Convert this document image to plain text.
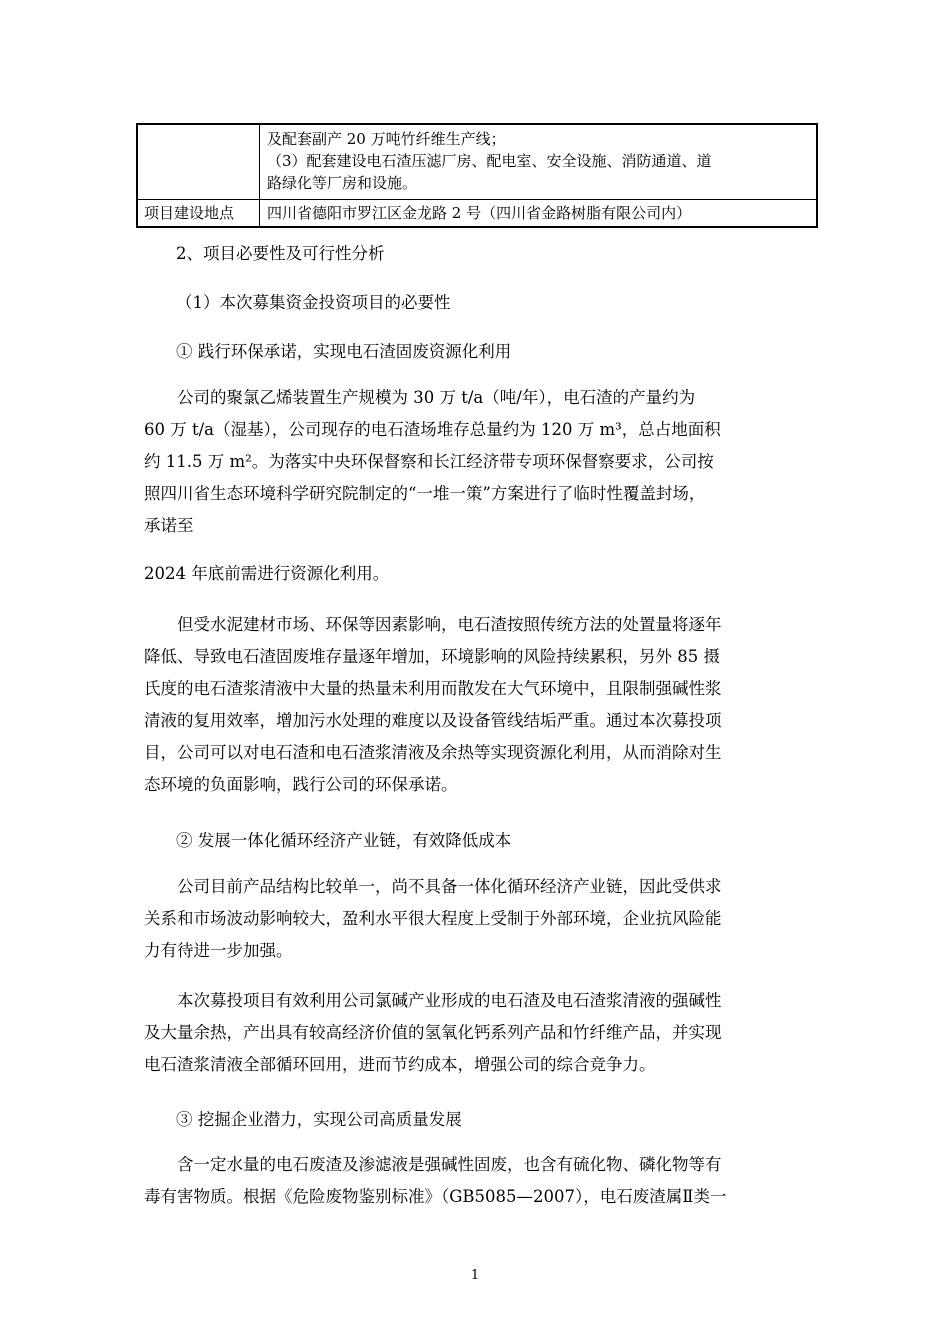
	及配套副产 20 万吨竹纤维生产线；
（3）配套建设电石渣压滤厂房、配电室、安全设施、消防通道、道
路绿化等厂房和设施。

项目建设地点	四川省德阳市罗江区金龙路 2 号（四川省金路树脂有限公司内）
2、项目必要性及可行性分析
（1）本次募集资金投资项目的必要性
① 践行环保承诺，实现电石渣固废资源化利用
公司的聚氯乙烯装置生产规模为 30 万 t/a（吨/年），电石渣的产量约为
60 万 t/a（湿基），公司现存的电石渣场堆存总量约为 120 万 m³，总占地面积
约 11.5 万 m²。为落实中央环保督察和长江经济带专项环保督察要求，公司按
照四川省生态环境科学研究院制定的“一堆一策”方案进行了临时性覆盖封场，
承诺至
2024 年底前需进行资源化利用。
但受水泥建材市场、环保等因素影响，电石渣按照传统方法的处置量将逐年
降低、导致电石渣固废堆存量逐年增加，环境影响的风险持续累积，另外 85 摄
氏度的电石渣浆清液中大量的热量未利用而散发在大气环境中，且限制强碱性浆
清液的复用效率，增加污水处理的难度以及设备管线结垢严重。通过本次募投项
目，公司可以对电石渣和电石渣浆清液及余热等实现资源化利用，从而消除对生
态环境的负面影响，践行公司的环保承诺。
② 发展一体化循环经济产业链，有效降低成本
公司目前产品结构比较单一，尚不具备一体化循环经济产业链，因此受供求
关系和市场波动影响较大，盈利水平很大程度上受制于外部环境，企业抗风险能
力有待进一步加强。
本次募投项目有效利用公司氯碱产业形成的电石渣及电石渣浆清液的强碱性
及大量余热，产出具有较高经济价值的氢氧化钙系列产品和竹纤维产品，并实现
电石渣浆清液全部循环回用，进而节约成本，增强公司的综合竞争力。
③ 挖掘企业潜力，实现公司高质量发展
含一定水量的电石废渣及渗滤液是强碱性固废，也含有硫化物、磷化物等有
毒有害物质。根据《危险废物鉴别标准》（GB5085—2007），电石废渣属Ⅱ类一
1
